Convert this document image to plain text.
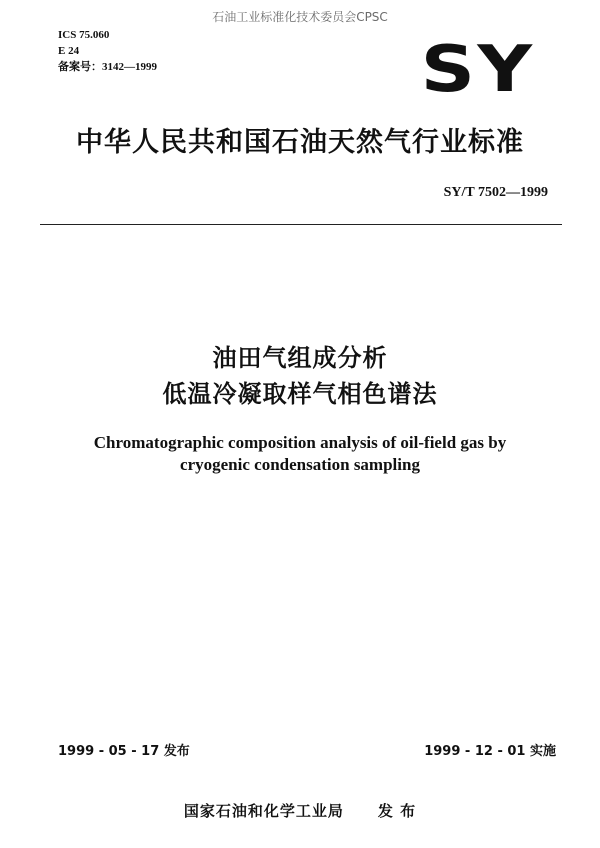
石油工业标准化技术委员会CPSC
ICS 75.060
E 24
备案号：3142—1999	SY
中华人民共和国石油天然气行业标准
SY/T 7502—1999
油田气组成分析
低温冷凝取样气相色谱法
Chromatographic composition analysis of oil-field gas by
cryogenic condensation sampling
1999 - 05 - 17 发布	1999 - 12 - 01 实施
国家石油和化学工业局 发 布
